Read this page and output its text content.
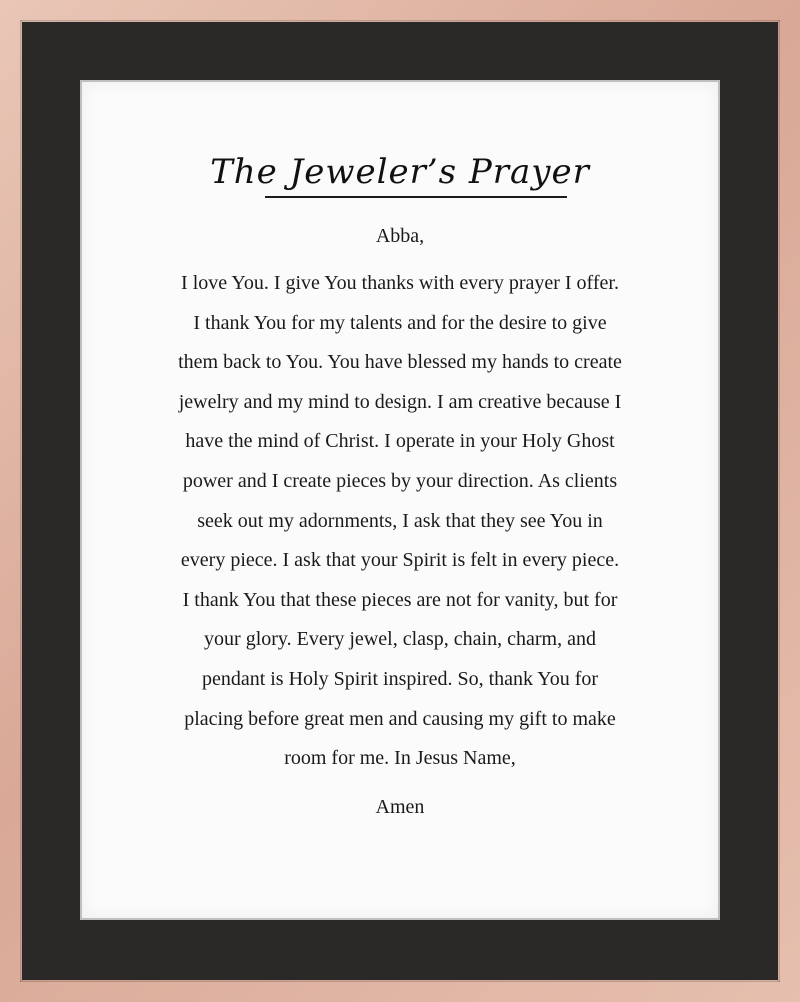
The Jeweler’s Prayer
Abba,
I love You. I give You thanks with every prayer I offer.
I thank You for my talents and for the desire to give
them back to You. You have blessed my hands to create
jewelry and my mind to design. I am creative because I
have the mind of Christ. I operate in your Holy Ghost
power and I create pieces by your direction. As clients
seek out my adornments, I ask that they see You in
every piece. I ask that your Spirit is felt in every piece.
I thank You that these pieces are not for vanity, but for
your glory. Every jewel, clasp, chain, charm, and
pendant is Holy Spirit inspired. So, thank You for
placing before great men and causing my gift to make
room for me. In Jesus Name,
Amen
